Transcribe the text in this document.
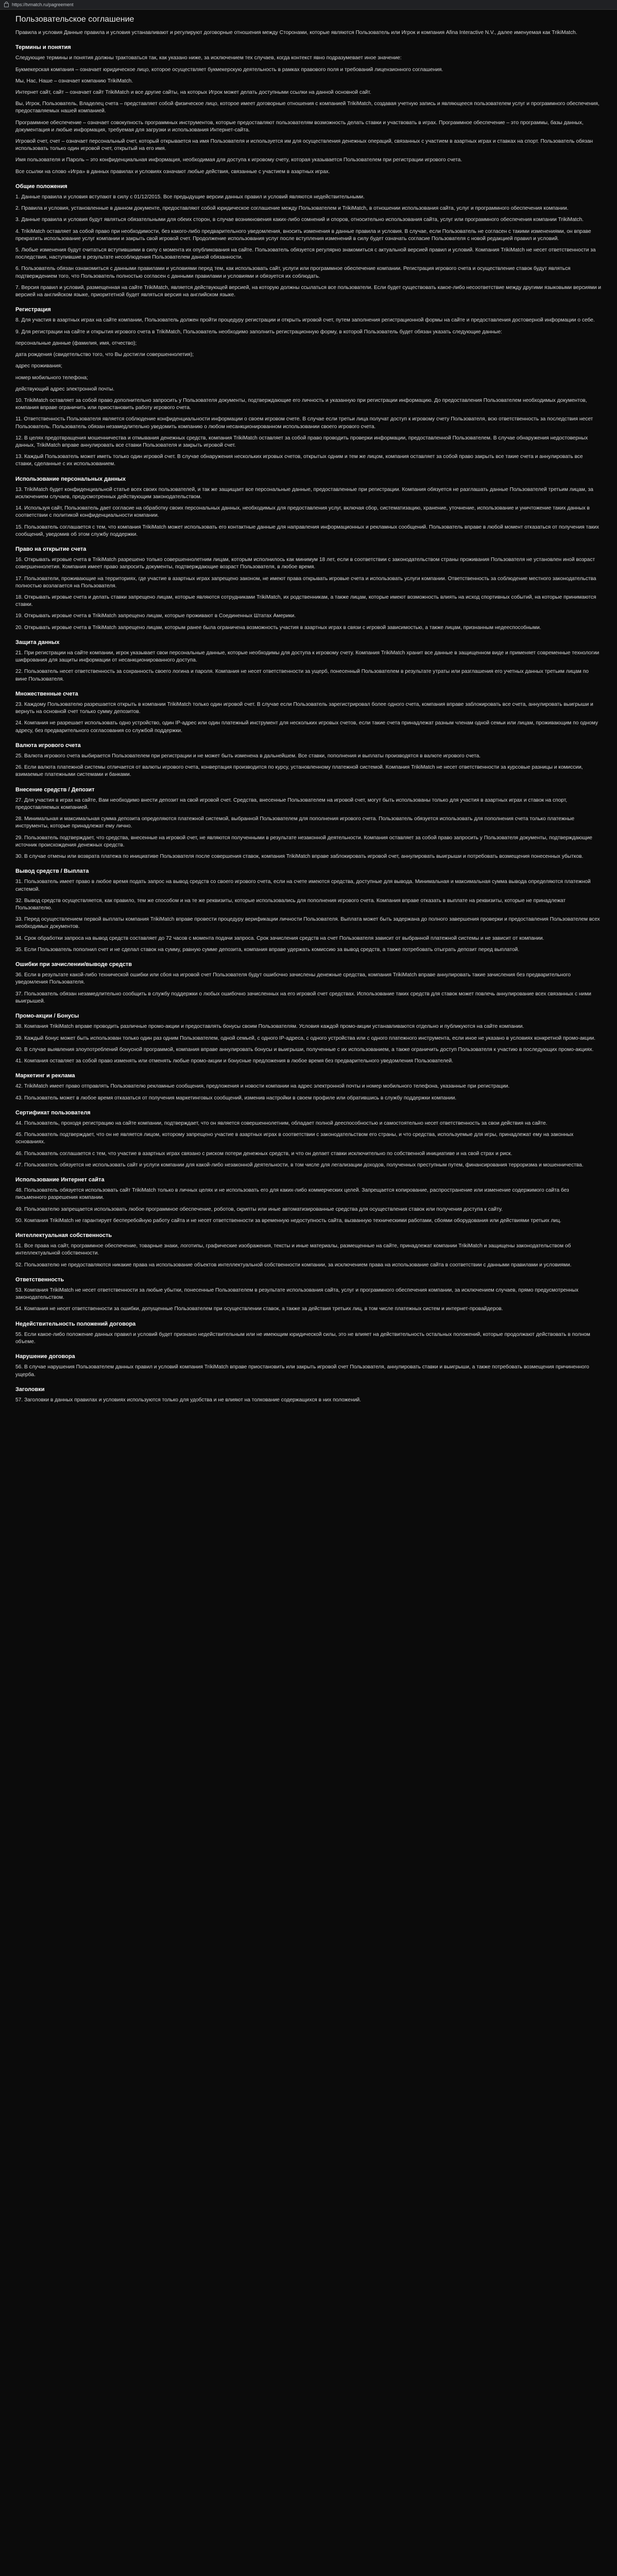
https://tvmatch.ru/pagreement
Пользовательское соглашение

Правила и условия Данные правила и условия устанавливают и регулируют договорные отношения между Сторонами, которые являются Пользователь или Игрок и компания Afina Interactive N.V., далее именуемая как TrikiMatch.

Термины и понятия

Следующие термины и понятия должны трактоваться так, как указано ниже, за исключением тех случаев, когда контекст явно подразумевает иное значение:

Букмекерская компания – означает юридическое лицо, которое осуществляет букмекерскую деятельность в рамках правового поля и требований лицензионного соглашения.

Мы, Нас, Наше – означает компанию TrikiMatch.

Интернет сайт, сайт – означает сайт TrikiMatch и все другие сайты, на которых Игрок может делать доступными ссылки на данной основной сайт.

Вы, Игрок, Пользователь, Владелец счета – представляет собой физическое лицо, которое имеет договорные отношения с компанией TrikiMatch, создавая учетную запись и являющееся пользователем услуг и программного обеспечения, предоставляемых нашей компанией.

Программное обеспечение – означает совокупность программных инструментов, которые предоставляют пользователям возможность делать ставки и участвовать в играх. Программное обеспечение – это программы, базы данных, документация и любые информация, требуемая для загрузки и использования Интернет-сайта.

Игровой счет, счет – означает персональный счет, который открывается на имя Пользователя и используется им для осуществления денежных операций, связанных с участием в азартных играх и ставках на спорт. Пользователь обязан использовать только один игровой счет, открытый на его имя.

Имя пользователя и Пароль – это конфиденциальная информация, необходимая для доступа к игровому счету, которая указывается Пользователем при регистрации игрового счета.

Все ссылки на слово «Игра» в данных правилах и условиях означают любые действия, связанные с участием в азартных играх.

Общие положения

1. Данные правила и условия вступают в силу с 01/12/2015. Все предыдущие версии данных правил и условий являются недействительными.

2. Правила и условия, установленные в данном документе, предоставляют собой юридическое соглашение между Пользователем и TrikiMatch, в отношении использования сайта, услуг и программного обеспечения компании.

3. Данные правила и условия будут являться обязательными для обеих сторон, в случае возникновения каких-либо сомнений и споров, относительно использования сайта, услуг или программного обеспечения компании TrikiMatch.

4. TrikiMatch оставляет за собой право при необходимости, без какого-либо предварительного уведомления, вносить изменения в данные правила и условия. В случае, если Пользователь не согласен с такими изменениями, он вправе прекратить использование услуг компании и закрыть свой игровой счет. Продолжение использования услуг после вступления изменений в силу будет означать согласие Пользователя с новой редакцией правил и условий.

5. Любые изменения будут считаться вступившими в силу с момента их опубликования на сайте. Пользователь обязуется регулярно знакомиться с актуальной версией правил и условий. Компания TrikiMatch не несет ответственности за последствия, наступившие в результате несоблюдения Пользователем данной обязанности.

6. Пользователь обязан ознакомиться с данными правилами и условиями перед тем, как использовать сайт, услуги или программное обеспечение компании. Регистрация игрового счета и осуществление ставок будут являться подтверждением того, что Пользователь полностью согласен с данными правилами и условиями и обязуется их соблюдать.

7. Версия правил и условий, размещенная на сайте TrikiMatch, является действующей версией, на которую должны ссылаться все пользователи. Если будет существовать какое-либо несоответствие между другими языковыми версиями и версией на английском языке, приоритетной будет являться версия на английском языке.

Регистрация

8. Для участия в азартных играх на сайте компании, Пользователь должен пройти процедуру регистрации и открыть игровой счет, путем заполнения регистрационной формы на сайте и предоставления достоверной информации о себе.

9. Для регистрации на сайте и открытия игрового счета в TrikiMatch, Пользователь необходимо заполнить регистрационную форму, в которой Пользователь будет обязан указать следующие данные:

персональные данные (фамилия, имя, отчество);

дата рождения (свидетельство того, что Вы достигли совершеннолетия);

адрес проживания;

номер мобильного телефона;

действующий адрес электронной почты.

10. TrikiMatch оставляет за собой право дополнительно запросить у Пользователя документы, подтверждающие его личность и указанную при регистрации информацию. До предоставления Пользователем необходимых документов, компания вправе ограничить или приостановить работу игрового счета.

11. Ответственность Пользователя является соблюдение конфиденциальности информации о своем игровом счете. В случае если третьи лица получат доступ к игровому счету Пользователя, всю ответственность за последствия несет Пользователь. Пользователь обязан незамедлительно уведомить компанию о любом несанкционированном использовании своего игрового счета.

12. В целях предотвращения мошенничества и отмывания денежных средств, компания TrikiMatch оставляет за собой право проводить проверки информации, предоставленной Пользователем. В случае обнаружения недостоверных данных, TrikiMatch вправе аннулировать все ставки Пользователя и закрыть игровой счет.

13. Каждый Пользователь может иметь только один игровой счет. В случае обнаружения нескольких игровых счетов, открытых одним и тем же лицом, компания оставляет за собой право закрыть все такие счета и аннулировать все ставки, сделанные с их использованием.

Использование персональных данных

13. TrikiMatch будет конфиденциальной статье всех своих пользователей, и так же защищает все персональные данные, предоставленные при регистрации. Компания обязуется не разглашать данные Пользователей третьим лицам, за исключением случаев, предусмотренных действующим законодательством.

14. Используя сайт, Пользователь дает согласие на обработку своих персональных данных, необходимых для предоставления услуг, включая сбор, систематизацию, хранение, уточнение, использование и уничтожение таких данных в соответствии с политикой конфиденциальности компании.

15. Пользователь соглашается с тем, что компания TrikiMatch может использовать его контактные данные для направления информационных и рекламных сообщений. Пользователь вправе в любой момент отказаться от получения таких сообщений, уведомив об этом службу поддержки.

Право на открытие счета

16. Открывать игровые счета в TrikiMatch разрешено только совершеннолетним лицам, которым исполнилось как минимум 18 лет, если в соответствии с законодательством страны проживания Пользователя не установлен иной возраст совершеннолетия. Компания имеет право запросить документы, подтверждающие возраст Пользователя, в любое время.

17. Пользователи, проживающие на территориях, где участие в азартных играх запрещено законом, не имеют права открывать игровые счета и использовать услуги компании. Ответственность за соблюдение местного законодательства полностью возлагается на Пользователя.

18. Открывать игровые счета и делать ставки запрещено лицам, которые являются сотрудниками TrikiMatch, их родственникам, а также лицам, которые имеют возможность влиять на исход спортивных событий, на которые принимаются ставки.

19. Открывать игровые счета в TrikiMatch запрещено лицам, которые проживают в Соединенных Штатах Америки.

20. Открывать игровые счета в TrikiMatch запрещено лицам, которым ранее была ограничена возможность участия в азартных играх в связи с игровой зависимостью, а также лицам, признанным недееспособными.

Защита данных

21. При регистрации на сайте компании, игрок указывает свои персональные данные, которые необходимы для доступа к игровому счету. Компания TrikiMatch хранит все данные в защищенном виде и применяет современные технологии шифрования для защиты информации от несанкционированного доступа.

22. Пользователь несет ответственность за сохранность своего логина и пароля. Компания не несет ответственности за ущерб, понесенный Пользователем в результате утраты или разглашения его учетных данных третьим лицам по вине Пользователя.

Множественные счета

23. Каждому Пользователю разрешается открыть в компании TrikiMatch только один игровой счет. В случае если Пользователь зарегистрировал более одного счета, компания вправе заблокировать все счета, аннулировать выигрыши и вернуть на основной счет только сумму депозитов.

24. Компания не разрешает использовать одно устройство, один IP-адрес или один платежный инструмент для нескольких игровых счетов, если такие счета принадлежат разным членам одной семьи или лицам, проживающим по одному адресу, без предварительного согласования со службой поддержки.

Валюта игрового счета

25. Валюта игрового счета выбирается Пользователем при регистрации и не может быть изменена в дальнейшем. Все ставки, пополнения и выплаты производятся в валюте игрового счета.

26. Если валюта платежной системы отличается от валюты игрового счета, конвертация производится по курсу, установленному платежной системой. Компания TrikiMatch не несет ответственности за курсовые разницы и комиссии, взимаемые платежными системами и банками.

Внесение средств / Депозит

27. Для участия в играх на сайте, Вам необходимо внести депозит на свой игровой счет. Средства, внесенные Пользователем на игровой счет, могут быть использованы только для участия в азартных играх и ставок на спорт, предоставляемых компанией.

28. Минимальная и максимальная сумма депозита определяются платежной системой, выбранной Пользователем для пополнения игрового счета. Пользователь обязуется использовать для пополнения счета только платежные инструменты, которые принадлежат ему лично.

29. Пользователь подтверждает, что средства, внесенные на игровой счет, не являются полученными в результате незаконной деятельности. Компания оставляет за собой право запросить у Пользователя документы, подтверждающие источник происхождения денежных средств.

30. В случае отмены или возврата платежа по инициативе Пользователя после совершения ставок, компания TrikiMatch вправе заблокировать игровой счет, аннулировать выигрыши и потребовать возмещения понесенных убытков.

Вывод средств / Выплата

31. Пользователь имеет право в любое время подать запрос на вывод средств со своего игрового счета, если на счете имеются средства, доступные для вывода. Минимальная и максимальная сумма вывода определяются платежной системой.

32. Вывод средств осуществляется, как правило, тем же способом и на те же реквизиты, которые использовались для пополнения игрового счета. Компания вправе отказать в выплате на реквизиты, которые не принадлежат Пользователю.

33. Перед осуществлением первой выплаты компания TrikiMatch вправе провести процедуру верификации личности Пользователя. Выплата может быть задержана до полного завершения проверки и предоставления Пользователем всех необходимых документов.

34. Срок обработки запроса на вывод средств составляет до 72 часов с момента подачи запроса. Срок зачисления средств на счет Пользователя зависит от выбранной платежной системы и не зависит от компании.

35. Если Пользователь пополнил счет и не сделал ставок на сумму, равную сумме депозита, компания вправе удержать комиссию за вывод средств, а также потребовать отыграть депозит перед выплатой.

Ошибки при зачислении/выводе средств

36. Если в результате какой-либо технической ошибки или сбоя на игровой счет Пользователя будут ошибочно зачислены денежные средства, компания TrikiMatch вправе аннулировать такие зачисления без предварительного уведомления Пользователя.

37. Пользователь обязан незамедлительно сообщить в службу поддержки о любых ошибочно зачисленных на его игровой счет средствах. Использование таких средств для ставок может повлечь аннулирование всех связанных с ними выигрышей.

Промо-акции / Бонусы

38. Компания TrikiMatch вправе проводить различные промо-акции и предоставлять бонусы своим Пользователям. Условия каждой промо-акции устанавливаются отдельно и публикуются на сайте компании.

39. Каждый бонус может быть использован только один раз одним Пользователем, одной семьей, с одного IP-адреса, с одного устройства или с одного платежного инструмента, если иное не указано в условиях конкретной промо-акции.

40. В случае выявления злоупотреблений бонусной программой, компания вправе аннулировать бонусы и выигрыши, полученные с их использованием, а также ограничить доступ Пользователя к участию в последующих промо-акциях.

41. Компания оставляет за собой право изменять или отменять любые промо-акции и бонусные предложения в любое время без предварительного уведомления Пользователей.

Маркетинг и реклама

42. TrikiMatch имеет право отправлять Пользователю рекламные сообщения, предложения и новости компании на адрес электронной почты и номер мобильного телефона, указанные при регистрации.

43. Пользователь может в любое время отказаться от получения маркетинговых сообщений, изменив настройки в своем профиле или обратившись в службу поддержки компании.

Сертификат пользователя

44. Пользователь, проходя регистрацию на сайте компании, подтверждает, что он является совершеннолетним, обладает полной дееспособностью и самостоятельно несет ответственность за свои действия на сайте.

45. Пользователь подтверждает, что он не является лицом, которому запрещено участие в азартных играх в соответствии с законодательством его страны, и что средства, используемые для игры, принадлежат ему на законных основаниях.

46. Пользователь соглашается с тем, что участие в азартных играх связано с риском потери денежных средств, и что он делает ставки исключительно по собственной инициативе и на свой страх и риск.

47. Пользователь обязуется не использовать сайт и услуги компании для какой-либо незаконной деятельности, в том числе для легализации доходов, полученных преступным путем, финансирования терроризма и мошенничества.

Использование Интернет сайта

48. Пользователь обязуется использовать сайт TrikiMatch только в личных целях и не использовать его для каких-либо коммерческих целей. Запрещается копирование, распространение или изменение содержимого сайта без письменного разрешения компании.

49. Пользователю запрещается использовать любое программное обеспечение, роботов, скрипты или иные автоматизированные средства для осуществления ставок или получения доступа к сайту.

50. Компания TrikiMatch не гарантирует бесперебойную работу сайта и не несет ответственности за временную недоступность сайта, вызванную техническими работами, сбоями оборудования или действиями третьих лиц.

Интеллектуальная собственность

51. Все права на сайт, программное обеспечение, товарные знаки, логотипы, графические изображения, тексты и иные материалы, размещенные на сайте, принадлежат компании TrikiMatch и защищены законодательством об интеллектуальной собственности.

52. Пользователю не предоставляются никакие права на использование объектов интеллектуальной собственности компании, за исключением права на использование сайта в соответствии с данными правилами и условиями.

Ответственность

53. Компания TrikiMatch не несет ответственности за любые убытки, понесенные Пользователем в результате использования сайта, услуг и программного обеспечения компании, за исключением случаев, прямо предусмотренных законодательством.

54. Компания не несет ответственности за ошибки, допущенные Пользователем при осуществлении ставок, а также за действия третьих лиц, в том числе платежных систем и интернет-провайдеров.

Недействительность положений договора

55. Если какое-либо положение данных правил и условий будет признано недействительным или не имеющим юридической силы, это не влияет на действительность остальных положений, которые продолжают действовать в полном объеме.

Нарушение договора

56. В случае нарушения Пользователем данных правил и условий компания TrikiMatch вправе приостановить или закрыть игровой счет Пользователя, аннулировать ставки и выигрыши, а также потребовать возмещения причиненного ущерба.

Заголовки

57. Заголовки в данных правилах и условиях используются только для удобства и не влияют на толкование содержащихся в них положений.
